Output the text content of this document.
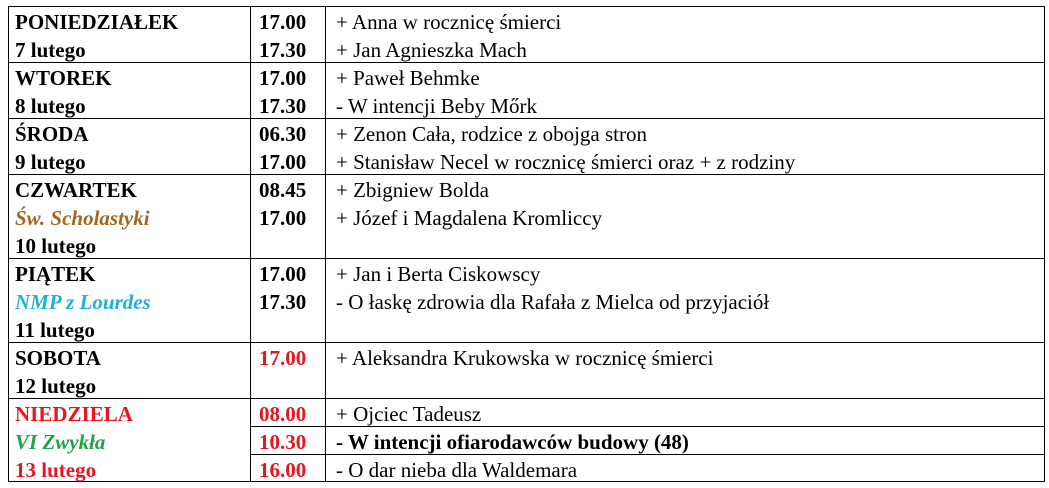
PONIEDZIAŁEK
7 lutego
17.00
17.30
+ Anna w rocznicę śmierci
+ Jan Agnieszka Mach
WTOREK
8 lutego
17.00
17.30
+ Paweł Behmke
- W intencji Beby Mőrk
ŚRODA
9 lutego
06.30
17.00
+ Zenon Cała, rodzice z obojga stron
+ Stanisław Necel w rocznicę śmierci oraz + z rodziny
CZWARTEK
Św. Scholastyki
10 lutego
08.45
17.00
+ Zbigniew Bolda
+ Józef i Magdalena Kromliccy
PIĄTEK
NMP z Lourdes
11 lutego
17.00
17.30
+ Jan i Berta Ciskowscy
- O łaskę zdrowia dla Rafała z Mielca od przyjaciół
SOBOTA
12 lutego
17.00 + Aleksandra Krukowska w rocznicę śmierci
NIEDZIELA
VI Zwykła
13 lutego
08.00
10.30
16.00
+ Ojciec Tadeusz
- W intencji ofiarodawców budowy (48)
- O dar nieba dla Waldemara
